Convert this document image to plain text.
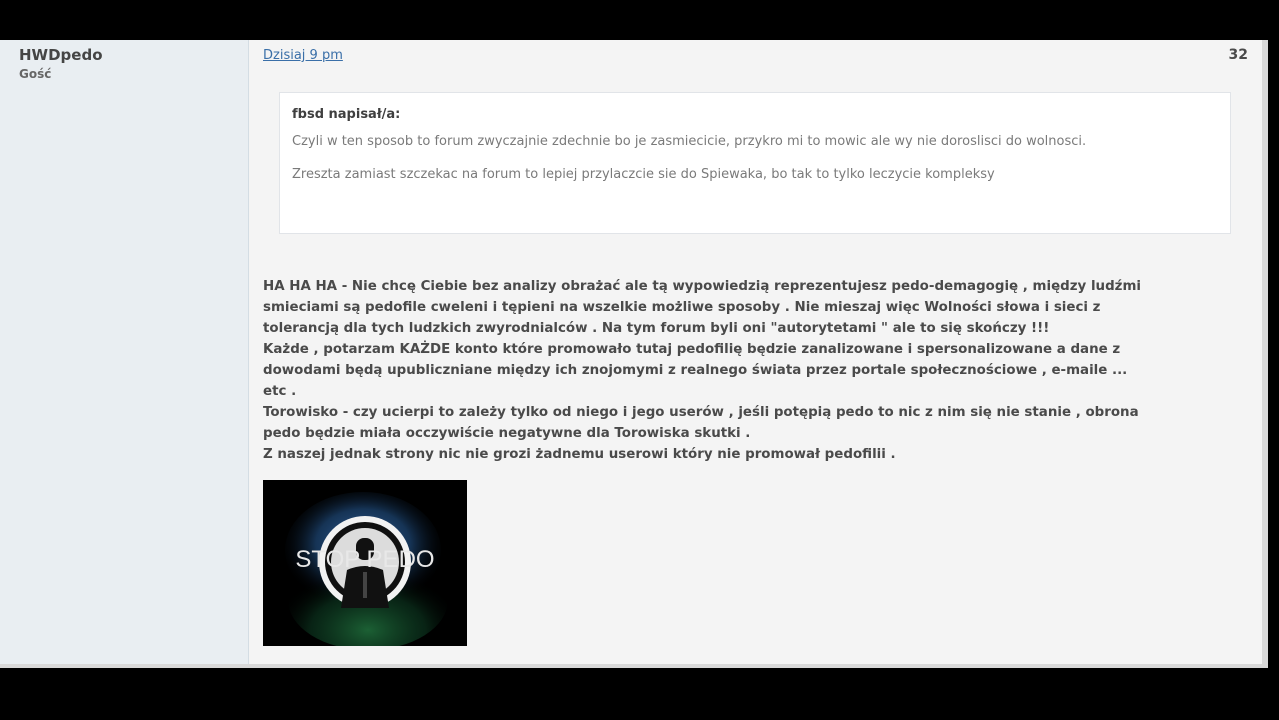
HWDpedo
Gość
Dzisiaj 9 pm	32
fbsd napisał/a:

Czyli w ten sposob to forum zwyczajnie zdechnie bo je zasmiecicie, przykro mi to mowic ale wy nie doroslisci do wolnosci.

Zreszta zamiast szczekac na forum to lepiej przylaczcie sie do Spiewaka, bo tak to tylko leczycie kompleksy

HA HA HA - Nie chcę Ciebie bez analizy obrażać ale tą wypowiedzią reprezentujesz pedo-demagogię , między ludźmi
smieciami są pedofile cweleni i tępieni na wszelkie możliwe sposoby . Nie mieszaj więc Wolności słowa i sieci z
tolerancją dla tych ludzkich zwyrodnialców . Na tym forum byli oni "autorytetami " ale to się skończy !!!
Każde , potarzam KAŻDE konto które promowało tutaj pedofilię będzie zanalizowane i spersonalizowane a dane z
dowodami będą upubliczniane między ich znojomymi z realnego świata przez portale społecznościowe , e-maile ...
etc .
Torowisko - czy ucierpi to zależy tylko od niego i jego userów , jeśli potępią pedo to nic z nim się nie stanie , obrona
pedo będzie miała occzywiście negatywne dla Torowiska skutki .
Z naszej jednak strony nic nie grozi żadnemu userowi który nie promował pedofilii .
STOP PEDO
